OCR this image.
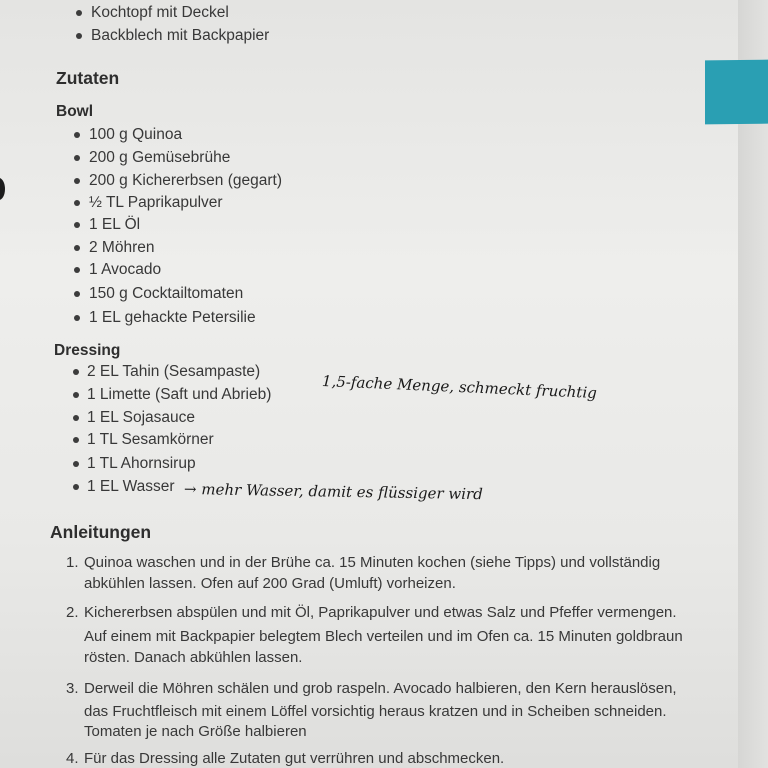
Kochtopf mit Deckel
Backblech mit Backpapier
Zutaten
Bowl
100 g Quinoa
200 g Gemüsebrühe
200 g Kichererbsen (gegart)
½ TL Paprikapulver
1 EL Öl
2 Möhren
1 Avocado
150 g Cocktailtomaten
1 EL gehackte Petersilie
Dressing
2 EL Tahin (Sesampaste)
1 Limette (Saft und Abrieb)
1 EL Sojasauce
1 TL Sesamkörner
1 TL Ahornsirup
1 EL Wasser
1,5-fache Menge, schmeckt fruchtig
→ mehr Wasser, damit es flüssiger wird
Anleitungen
1. Quinoa waschen und in der Brühe ca. 15 Minuten kochen (siehe Tipps) und vollständig
abkühlen lassen. Ofen auf 200 Grad (Umluft) vorheizen.
2. Kichererbsen abspülen und mit Öl, Paprikapulver und etwas Salz und Pfeffer vermengen.
Auf einem mit Backpapier belegtem Blech verteilen und im Ofen ca. 15 Minuten goldbraun
rösten. Danach abkühlen lassen.
3. Derweil die Möhren schälen und grob raspeln. Avocado halbieren, den Kern herauslösen,
das Fruchtfleisch mit einem Löffel vorsichtig heraus kratzen und in Scheiben schneiden.
Tomaten je nach Größe halbieren
4. Für das Dressing alle Zutaten gut verrühren und abschmecken.
